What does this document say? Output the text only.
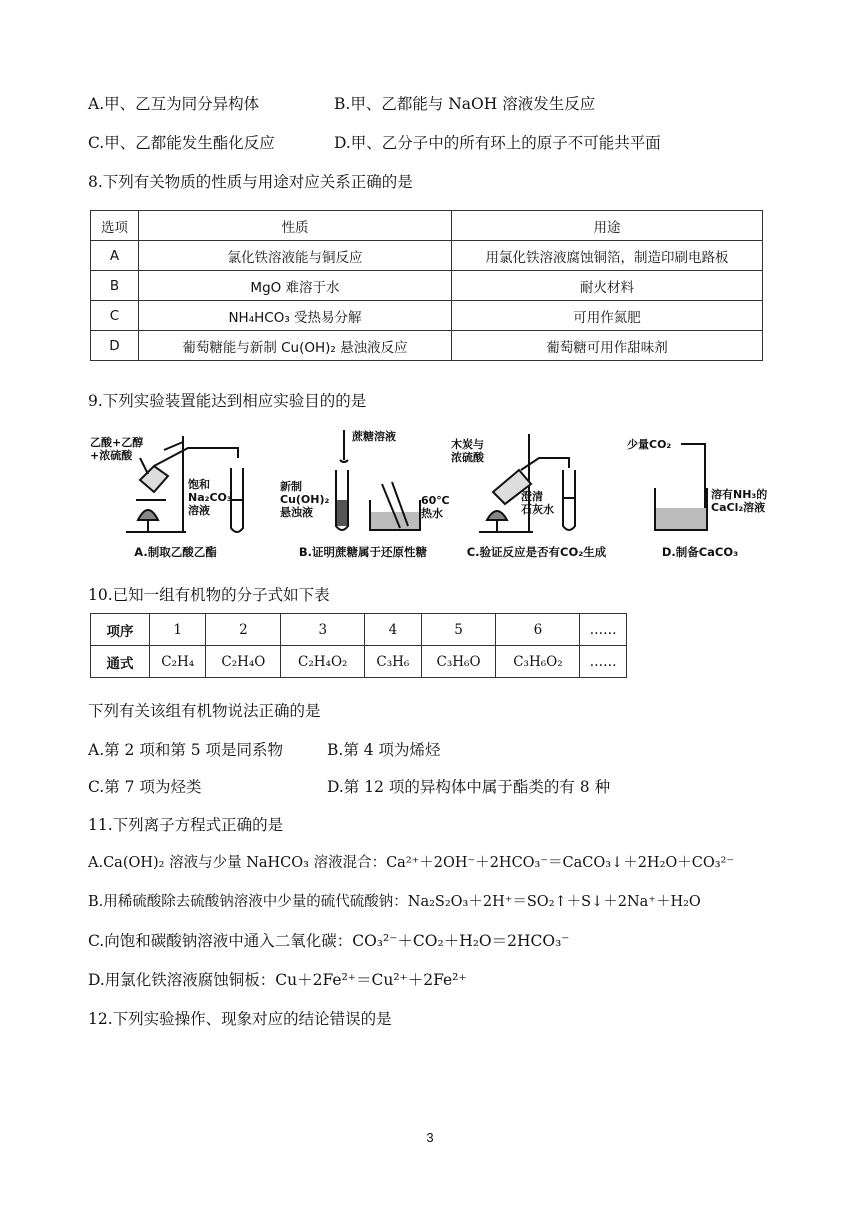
A.甲、乙互为同分异构体	B.甲、乙都能与 NaOH 溶液发生反应
C.甲、乙都能发生酯化反应	D.甲、乙分子中的所有环上的原子不可能共平面
8.下列有关物质的性质与用途对应关系正确的是
选项	性质	用途
A	氯化铁溶液能与铜反应	用氯化铁溶液腐蚀铜箔，制造印刷电路板
B	MgO 难溶于水	耐火材料
C	NH₄HCO₃ 受热易分解	可用作氮肥
D	葡萄糖能与新制 Cu(OH)₂ 悬浊液反应	葡萄糖可用作甜味剂
9.下列实验装置能达到相应实验目的的是
乙酸+乙醇
+浓硫酸
饱和
Na₂CO₃
溶液
A.制取乙酸乙酯
蔗糖溶液
新制
Cu(OH)₂
悬浊液
60℃
热水
B.证明蔗糖属于还原性糖
木炭与
浓硫酸
澄清
石灰水
C.验证反应是否有CO₂生成
少量CO₂
溶有NH₃的
CaCl₂溶液
D.制备CaCO₃
10.已知一组有机物的分子式如下表
项序	1	2	3	4	5	6	……
通式	C₂H₄	C₂H₄O	C₂H₄O₂	C₃H₆	C₃H₆O	C₃H₆O₂	……
下列有关该组有机物说法正确的是
A.第 2 项和第 5 项是同系物	B.第 4 项为烯烃
C.第 7 项为烃类	D.第 12 项的异构体中属于酯类的有 8 种
11.下列离子方程式正确的是
A.Ca(OH)₂ 溶液与少量 NaHCO₃ 溶液混合：Ca²⁺＋2OH⁻＋2HCO₃⁻＝CaCO₃↓＋2H₂O＋CO₃²⁻
B.用稀硫酸除去硫酸钠溶液中少量的硫代硫酸钠：Na₂S₂O₃＋2H⁺＝SO₂↑＋S↓＋2Na⁺＋H₂O
C.向饱和碳酸钠溶液中通入二氧化碳：CO₃²⁻＋CO₂＋H₂O＝2HCO₃⁻
D.用氯化铁溶液腐蚀铜板：Cu＋2Fe²⁺＝Cu²⁺＋2Fe²⁺
12.下列实验操作、现象对应的结论错误的是
3
